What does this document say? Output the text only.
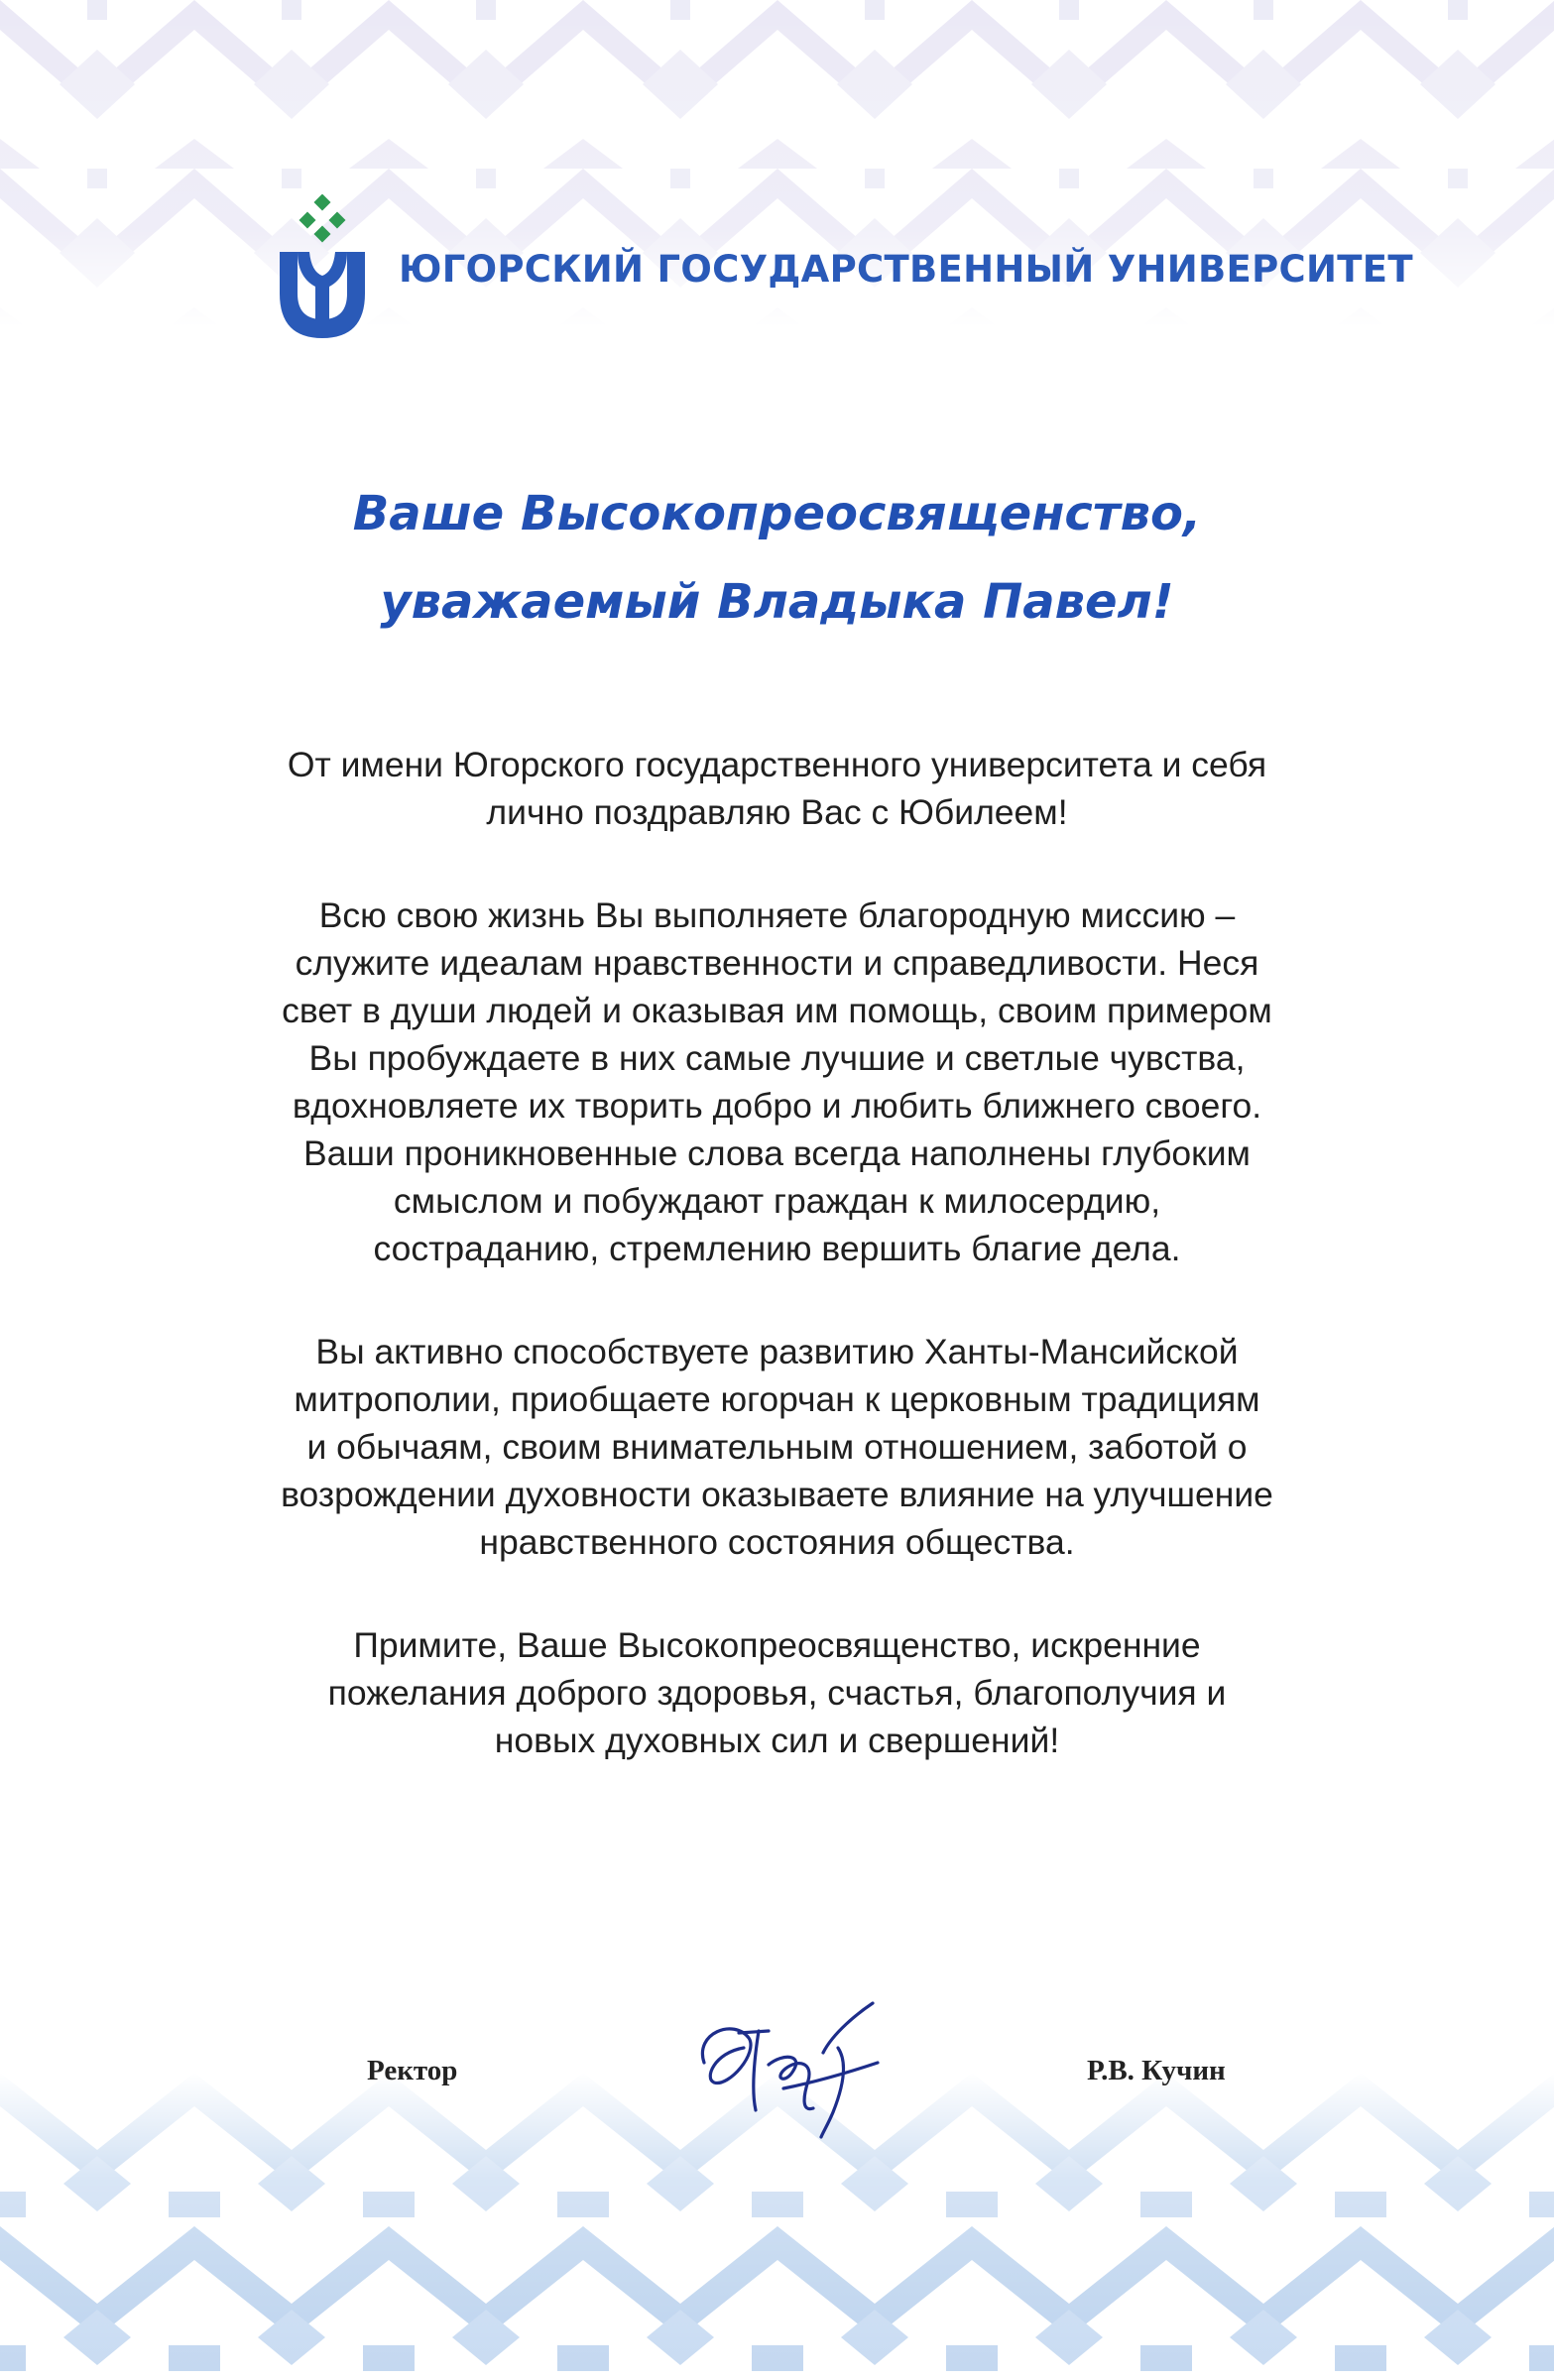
ЮГОРСКИЙ ГОСУДАРСТВЕННЫЙ УНИВЕРСИТЕТ
Ваше Высокопреосвященство,
уважаемый Владыка Павел!

От имени Югорского государственного университета и себя
лично поздравляю Вас с Юбилеем!

Всю свою жизнь Вы выполняете благородную миссию –
служите идеалам нравственности и справедливости. Неся
свет в души людей и оказывая им помощь, своим примером
Вы пробуждаете в них самые лучшие и светлые чувства,
вдохновляете их творить добро и любить ближнего своего.
Ваши проникновенные слова всегда наполнены глубоким
смыслом и побуждают граждан к милосердию,
состраданию, стремлению вершить благие дела.

Вы активно способствуете развитию Ханты-Мансийской
митрополии, приобщаете югорчан к церковным традициям
и обычаям, своим внимательным отношением, заботой о
возрождении духовности оказываете влияние на улучшение
нравственного состояния общества.

Примите, Ваше Высокопреосвященство, искренние
пожелания доброго здоровья, счастья, благополучия и
новых духовных сил и свершений!

Ректор	Р.В. Кучин
